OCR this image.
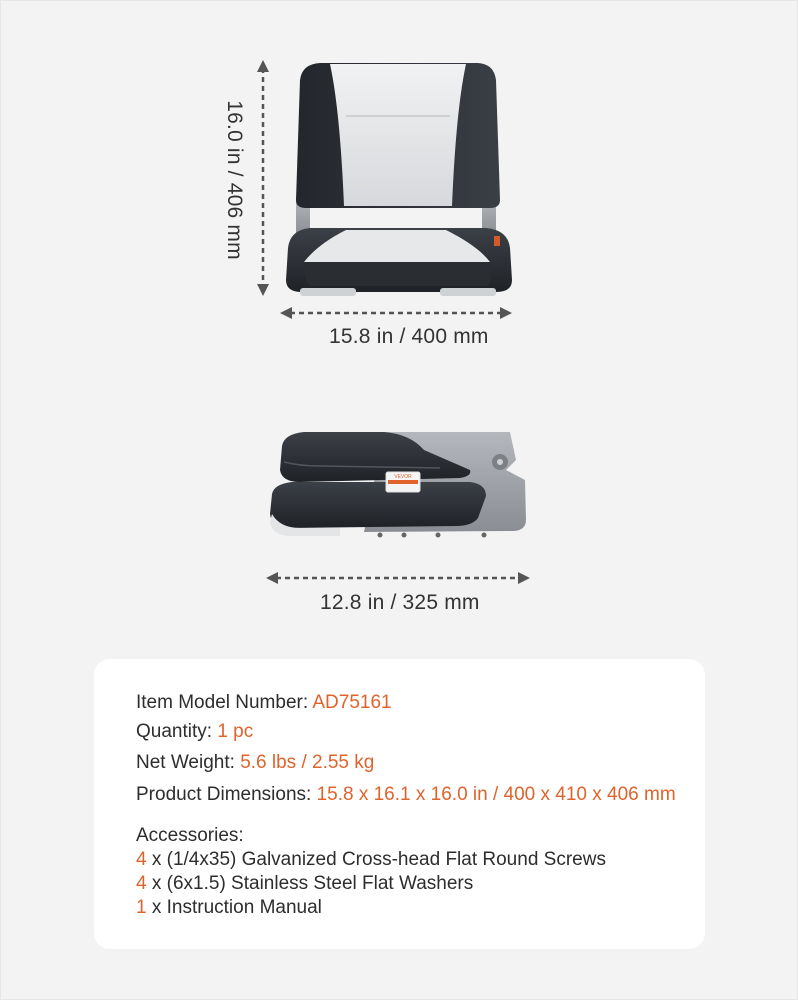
VEVOR
16.0 in / 406 mm
15.8 in / 400 mm
12.8 in / 325 mm
Item Model Number: AD75161
Quantity: 1 pc
Net Weight: 5.6 lbs / 2.55 kg
Product Dimensions: 15.8 x 16.1 x 16.0 in / 400 x 410 x 406 mm
Accessories:
4 x (1/4x35) Galvanized Cross-head Flat Round Screws
4 x (6x1.5) Stainless Steel Flat Washers
1 x Instruction Manual
